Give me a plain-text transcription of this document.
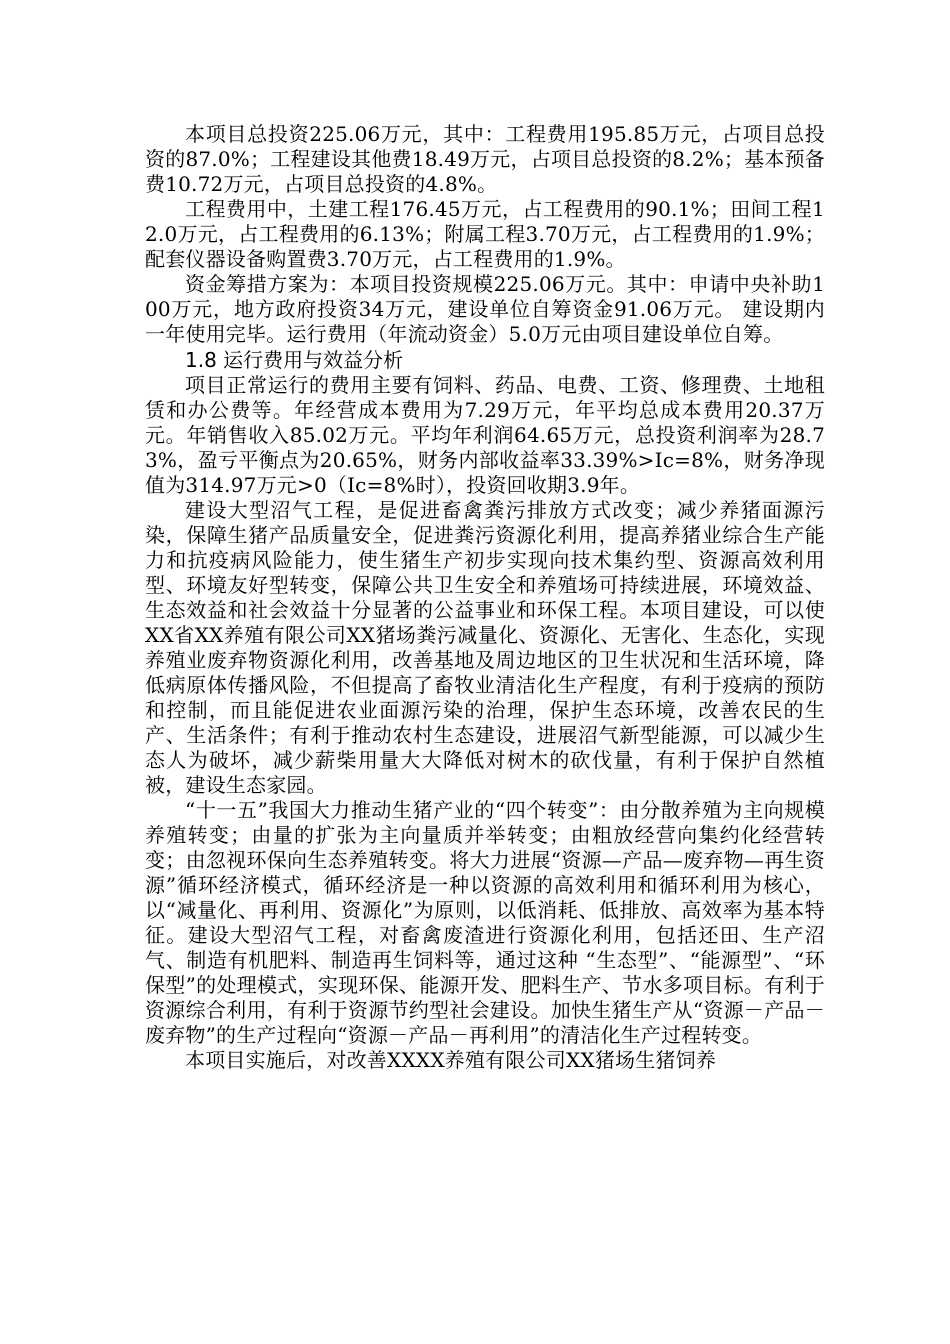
本项目总投资225.06万元，其中：工程费用195.85万元，占项目总投资的87.0%；工程建设其他费18.49万元，占项目总投资的8.2%；基本预备费10.72万元，占项目总投资的4.8%。

工程费用中，土建工程176.45万元，占工程费用的90.1%；田间工程12.0万元，占工程费用的6.13%；附属工程3.70万元，占工程费用的1.9%；配套仪器设备购置费3.70万元，占工程费用的1.9%。

资金筹措方案为：本项目投资规模225.06万元。其中：申请中央补助100万元，地方政府投资34万元，建设单位自筹资金91.06万元。 建设期内一年使用完毕。运行费用（年流动资金）5.0万元由项目建设单位自筹。

1.8 运行费用与效益分析

项目正常运行的费用主要有饲料、药品、电费、工资、修理费、土地租赁和办公费等。年经营成本费用为7.29万元，年平均总成本费用20.37万元。年销售收入85.02万元。平均年利润64.65万元，总投资利润率为28.73%，盈亏平衡点为20.65%，财务内部收益率33.39%>Ic=8%，财务净现值为314.97万元>0（Ic=8%时），投资回收期3.9年。

建设大型沼气工程，是促进畜禽粪污排放方式改变；减少养猪面源污染，保障生猪产品质量安全，促进粪污资源化利用，提高养猪业综合生产能力和抗疫病风险能力，使生猪生产初步实现向技术集约型、资源高效利用型、环境友好型转变，保障公共卫生安全和养殖场可持续进展，环境效益、生态效益和社会效益十分显著的公益事业和环保工程。本项目建设，可以使XX省XX养殖有限公司XX猪场粪污减量化、资源化、无害化、生态化，实现养殖业废弃物资源化利用，改善基地及周边地区的卫生状况和生活环境，降低病原体传播风险，不但提高了畜牧业清洁化生产程度，有利于疫病的预防和控制，而且能促进农业面源污染的治理，保护生态环境，改善农民的生产、生活条件；有利于推动农村生态建设，进展沼气新型能源，可以减少生态人为破坏，减少薪柴用量大大降低对树木的砍伐量，有利于保护自然植被，建设生态家园。

“十一五”我国大力推动生猪产业的“四个转变”：由分散养殖为主向规模养殖转变；由量的扩张为主向量质并举转变；由粗放经营向集约化经营转变；由忽视环保向生态养殖转变。将大力进展“资源—产品—废弃物—再生资源”循环经济模式，循环经济是一种以资源的高效利用和循环利用为核心，以“减量化、再利用、资源化”为原则，以低消耗、低排放、高效率为基本特征。建设大型沼气工程，对畜禽废渣进行资源化利用，包括还田、生产沼气、制造有机肥料、制造再生饲料等，通过这种 “生态型”、“能源型”、“环保型”的处理模式，实现环保、能源开发、肥料生产、节水多项目标。有利于资源综合利用，有利于资源节约型社会建设。加快生猪生产从“资源－产品－废弃物”的生产过程向“资源－产品－再利用”的清洁化生产过程转变。

本项目实施后，对改善XXXX养殖有限公司XX猪场生猪饲养
